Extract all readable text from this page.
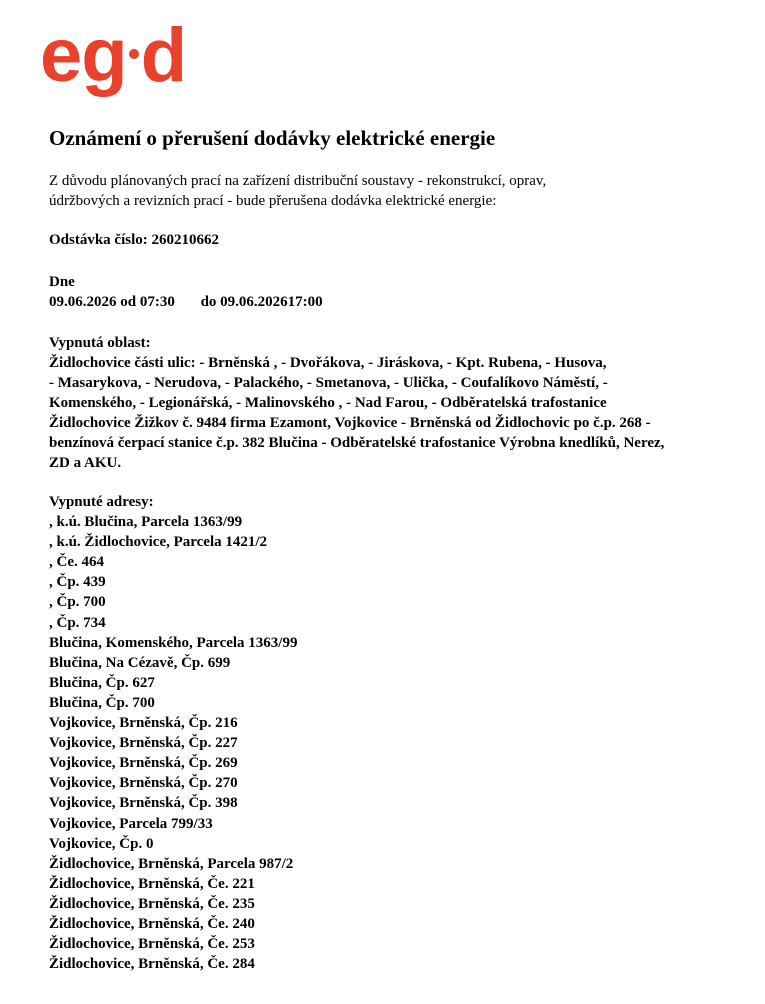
eg d
Oznámení o přerušení dodávky elektrické energie
Z důvodu plánovaných prací na zařízení distribuční soustavy - rekonstrukcí, oprav,
údržbových a revizních prací - bude přerušena dodávka elektrické energie:
Odstávka číslo: 260210662
Dne
09.06.2026 od 07:30 do 09.06.202617:00
Vypnutá oblast:
Židlochovice části ulic: - Brněnská , - Dvořákova, - Jiráskova, - Kpt. Rubena, - Husova,
- Masarykova, - Nerudova, - Palackého, - Smetanova, - Ulička, - Coufalíkovo Náměstí, -
Komenského, - Legionářská, - Malinovského , - Nad Farou, - Odběratelská trafostanice
Židlochovice Žižkov č. 9484 firma Ezamont, Vojkovice - Brněnská od Židlochovic po č.p. 268 -
benzínová čerpací stanice č.p. 382 Blučina - Odběratelské trafostanice Výrobna knedlíků, Nerez,
ZD a AKU.
Vypnuté adresy:
, k.ú. Blučina, Parcela 1363/99
, k.ú. Židlochovice, Parcela 1421/2
, Če. 464
, Čp. 439
, Čp. 700
, Čp. 734
Blučina, Komenského, Parcela 1363/99
Blučina, Na Cézavě, Čp. 699
Blučina, Čp. 627
Blučina, Čp. 700
Vojkovice, Brněnská, Čp. 216
Vojkovice, Brněnská, Čp. 227
Vojkovice, Brněnská, Čp. 269
Vojkovice, Brněnská, Čp. 270
Vojkovice, Brněnská, Čp. 398
Vojkovice, Parcela 799/33
Vojkovice, Čp. 0
Židlochovice, Brněnská, Parcela 987/2
Židlochovice, Brněnská, Če. 221
Židlochovice, Brněnská, Če. 235
Židlochovice, Brněnská, Če. 240
Židlochovice, Brněnská, Če. 253
Židlochovice, Brněnská, Če. 284
